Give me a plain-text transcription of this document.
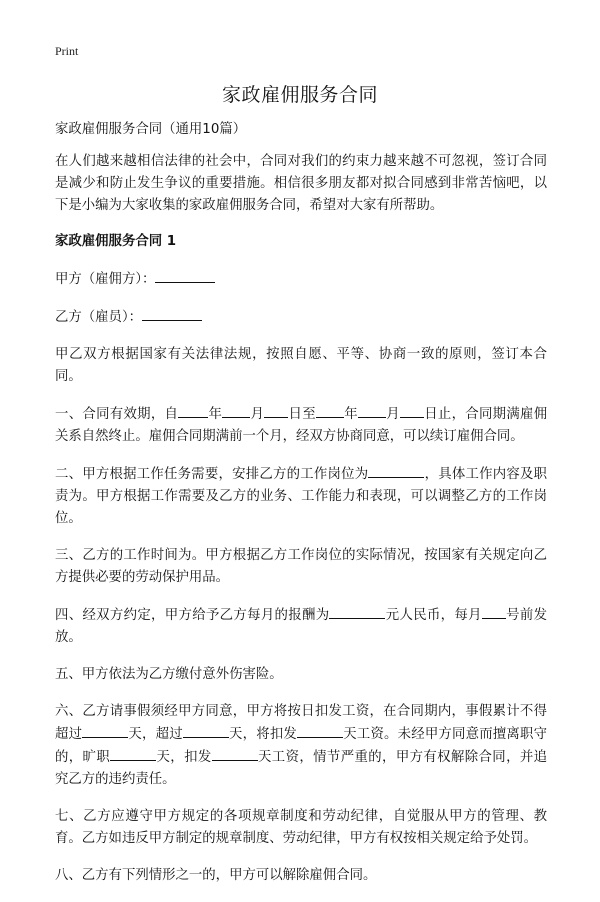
Print
家政雇佣服务合同

家政雇佣服务合同（通用10篇）

在人们越来越相信法律的社会中，合同对我们的约束力越来越不可忽视，签订合同是减少和防止发生争议的重要措施。相信很多朋友都对拟合同感到非常苦恼吧，以下是小编为大家收集的家政雇佣服务合同，希望对大家有所帮助。

家政雇佣服务合同 1

甲方（雇佣方）：

乙方（雇员）：

甲乙双方根据国家有关法律法规，按照自愿、平等、协商一致的原则，签订本合同。

一、合同有效期，自 年 月 日至 年 月 日止，合同期满雇佣关系自然终止。雇佣合同期满前一个月，经双方协商同意，可以续订雇佣合同。

二、甲方根据工作任务需要，安排乙方的工作岗位为	，具体工作内容及职责为。甲方根据工作需要及乙方的业务、工作能力和表现，可以调整乙方的工作岗位。

三、乙方的工作时间为。甲方根据乙方工作岗位的实际情况，按国家有关规定向乙方提供必要的劳动保护用品。

四、经双方约定，甲方给予乙方每月的报酬为	元人民币，每月 号前发放。

五、甲方依法为乙方缴付意外伤害险。

六、乙方请事假须经甲方同意，甲方将按日扣发工资，在合同期内，事假累计不得超过	天，超过	天，将扣发	天工资。未经甲方同意而擅离职守的，旷职	天，扣发	天工资，情节严重的，甲方有权解除合同，并追究乙方的违约责任。

七、乙方应遵守甲方规定的各项规章制度和劳动纪律，自觉服从甲方的管理、教育。乙方如违反甲方制定的规章制度、劳动纪律，甲方有权按相关规定给予处罚。

八、乙方有下列情形之一的，甲方可以解除雇佣合同。
